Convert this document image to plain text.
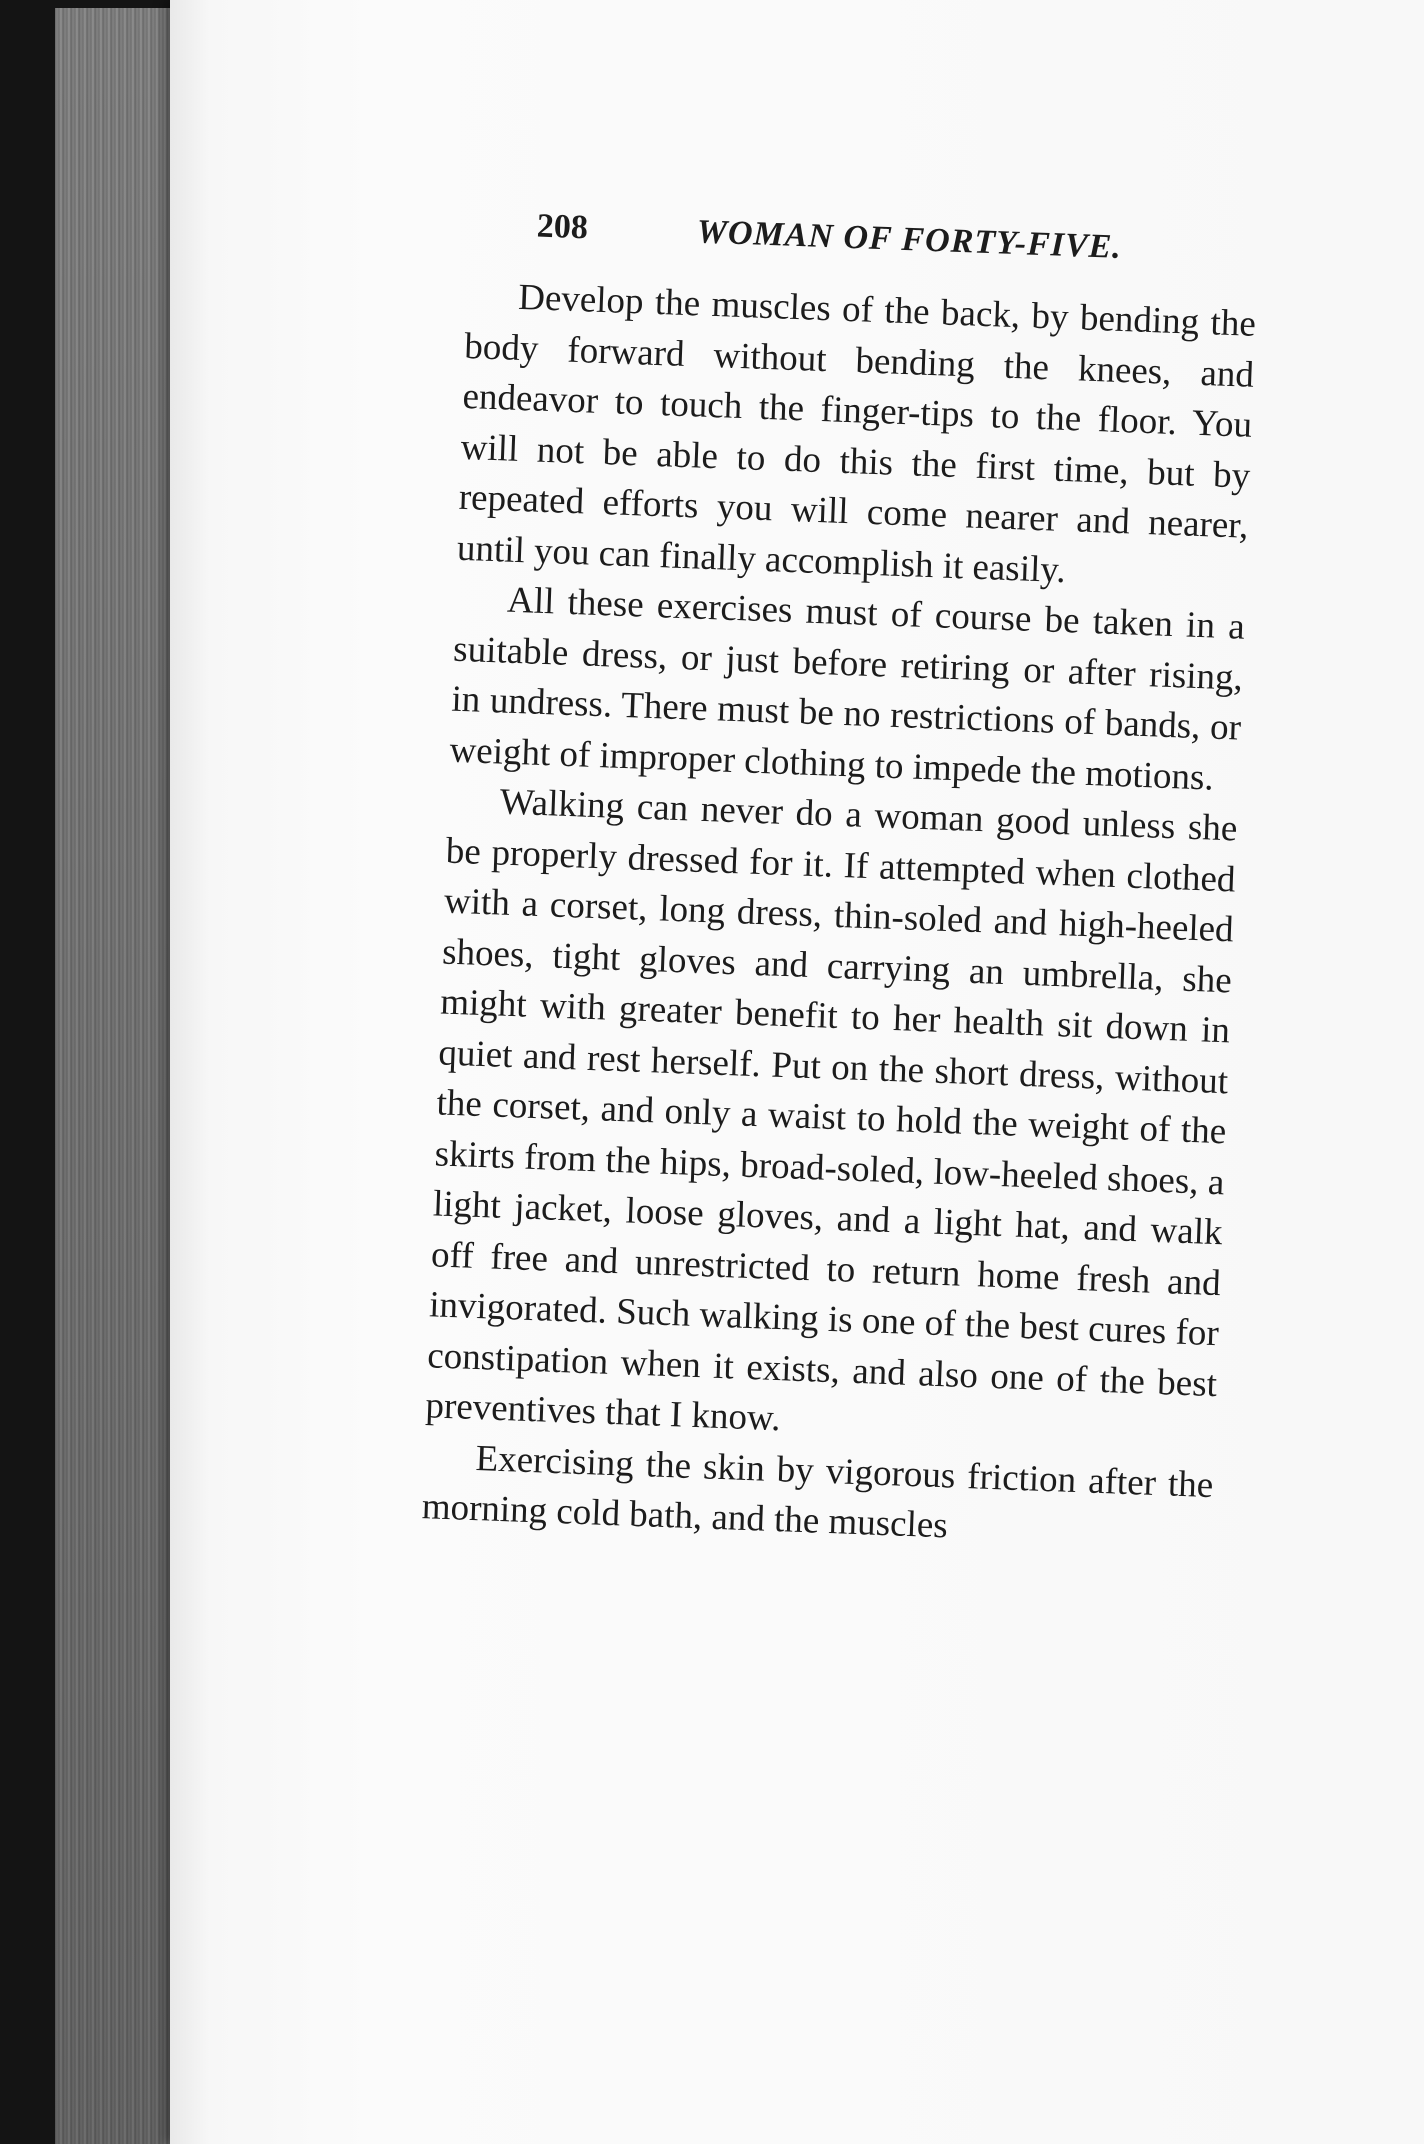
208	WOMAN OF FORTY-FIVE.

Develop the muscles of the back, by bending the body forward without bending the knees, and endeavor to touch the finger-tips to the floor. You will not be able to do this the first time, but by repeated efforts you will come nearer and nearer, until you can finally accomplish it easily.

All these exercises must of course be taken in a suitable dress, or just before retiring or after rising, in undress. There must be no restrictions of bands, or weight of improper clothing to impede the motions.

Walking can never do a woman good unless she be properly dressed for it. If attempted when clothed with a corset, long dress, thin-soled and high-heeled shoes, tight gloves and carrying an umbrella, she might with greater benefit to her health sit down in quiet and rest herself. Put on the short dress, without the corset, and only a waist to hold the weight of the skirts from the hips, broad-soled, low-heeled shoes, a light jacket, loose gloves, and a light hat, and walk off free and unrestricted to return home fresh and invigorated. Such walking is one of the best cures for constipation when it exists, and also one of the best preventives that I know.

Exercising the skin by vigorous friction after the morning cold bath, and the muscles
